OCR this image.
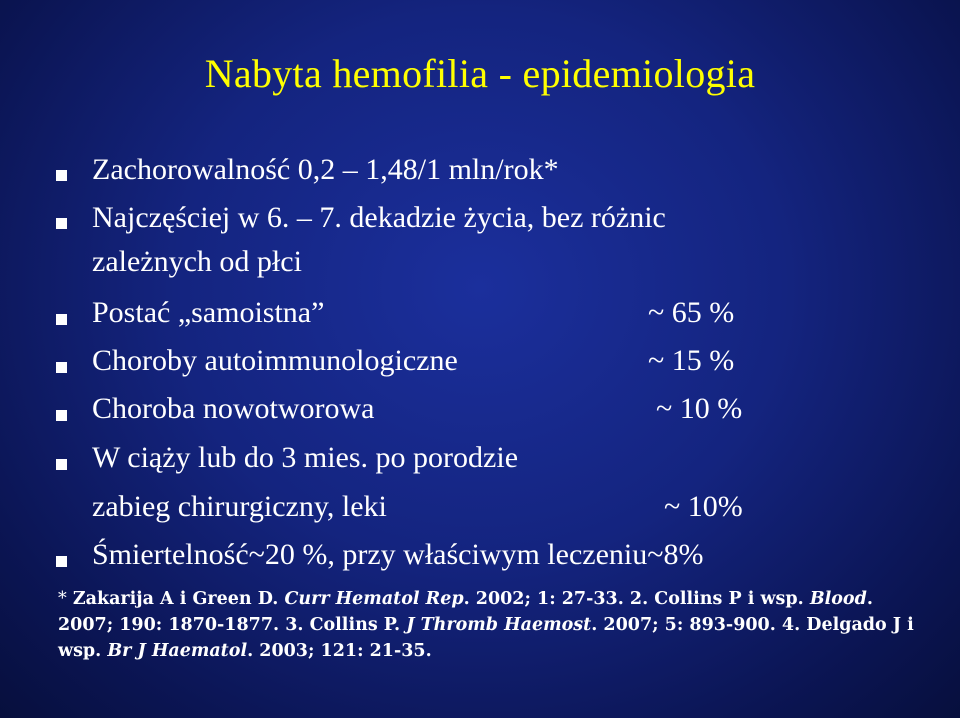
Nabyta hemofilia - epidemiologia
Zachorowalność 0,2 – 1,48/1 mln/rok*
Najczęściej w 6. – 7. dekadzie życia, bez różnic
zależnych od płci
Postać „samoistna”	~ 65 %
Choroby autoimmunologiczne	~ 15 %
Choroba nowotworowa	~ 10 %
W ciąży lub do 3 mies. po porodzie
zabieg chirurgiczny, leki	~ 10%
Śmiertelność~20 %, przy właściwym leczeniu~8%
* Zakarija A i Green D. Curr Hematol Rep. 2002; 1: 27-33. 2. Collins P i wsp. Blood. 2007; 190: 1870-1877. 3. Collins P. J Thromb Haemost. 2007; 5: 893-900. 4. Delgado J i wsp. Br J Haematol. 2003; 121: 21-35.
